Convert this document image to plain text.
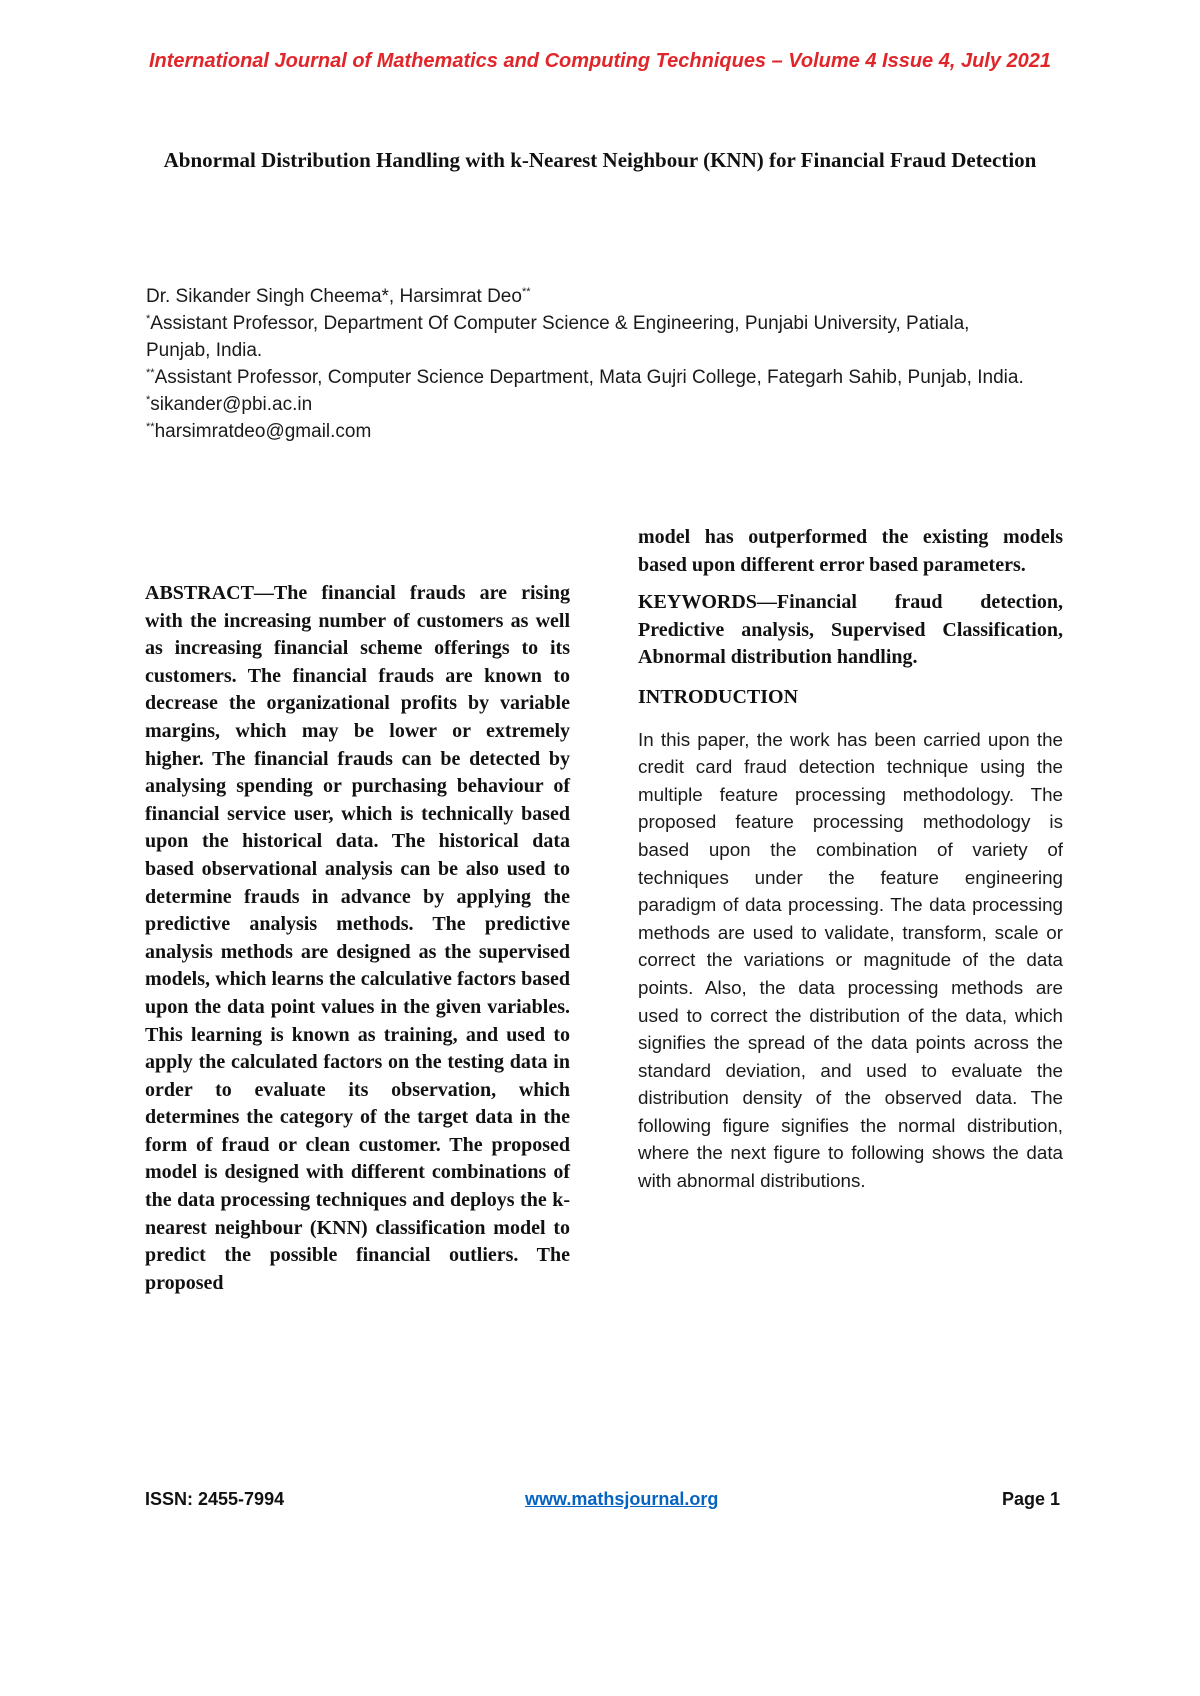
International Journal of Mathematics and Computing Techniques – Volume 4 Issue 4, July 2021
Abnormal Distribution Handling with k-Nearest Neighbour (KNN) for Financial Fraud Detection
Dr. Sikander Singh Cheema*, Harsimrat Deo**
*Assistant Professor, Department Of Computer Science & Engineering, Punjabi University, Patiala,
Punjab, India.
**Assistant Professor, Computer Science Department, Mata Gujri College, Fategarh Sahib, Punjab, India.
*sikander@pbi.ac.in
**harsimratdeo@gmail.com

ABSTRACT—The financial frauds are rising with the increasing number of customers as well as increasing financial scheme offerings to its customers. The financial frauds are known to decrease the organizational profits by variable margins, which may be lower or extremely higher. The financial frauds can be detected by analysing spending or purchasing behaviour of financial service user, which is technically based upon the historical data. The historical data based observational analysis can be also used to determine frauds in advance by applying the predictive analysis methods. The predictive analysis methods are designed as the supervised models, which learns the calculative factors based upon the data point values in the given variables. This learning is known as training, and used to apply the calculated factors on the testing data in order to evaluate its observation, which determines the category of the target data in the form of fraud or clean customer. The proposed model is designed with different combinations of the data processing techniques and deploys the k-nearest neighbour (KNN) classification model to predict the possible financial outliers. The proposed

model has outperformed the existing models based upon different error based parameters.

KEYWORDS—Financial fraud detection, Predictive analysis, Supervised Classification, Abnormal distribution handling.

INTRODUCTION

In this paper, the work has been carried upon the credit card fraud detection technique using the multiple feature processing methodology. The proposed feature processing methodology is based upon the combination of variety of techniques under the feature engineering paradigm of data processing. The data processing methods are used to validate, transform, scale or correct the variations or magnitude of the data points. Also, the data processing methods are used to correct the distribution of the data, which signifies the spread of the data points across the standard deviation, and used to evaluate the distribution density of the observed data. The following figure signifies the normal distribution, where the next figure to following shows the data with abnormal distributions.

ISSN: 2455-7994	www.mathsjournal.org	Page 1
